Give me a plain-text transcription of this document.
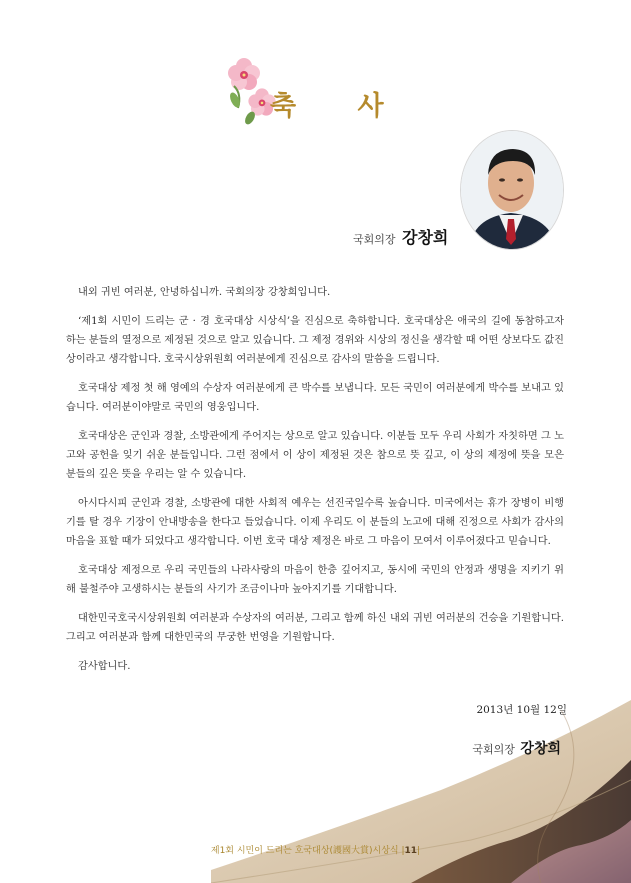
축 사
국회의장 강창희

내외 귀빈 여러분, 안녕하십니까. 국회의장 강창희입니다.

‘제1회 시민이 드리는 군 · 경 호국대상 시상식’을 진심으로 축하합니다. 호국대상은 애국의 길에 동참하고자 하는 분들의 열정으로 제정된 것으로 알고 있습니다. 그 제정 경위와 시상의 정신을 생각할 때 어떤 상보다도 값진 상이라고 생각합니다. 호국시상위원회 여러분에게 진심으로 감사의 말씀을 드립니다.

호국대상 제정 첫 해 영예의 수상자 여러분에게 큰 박수를 보냅니다. 모든 국민이 여러분에게 박수를 보내고 있습니다. 여러분이야말로 국민의 영웅입니다.

호국대상은 군인과 경찰, 소방관에게 주어지는 상으로 알고 있습니다. 이분들 모두 우리 사회가 자칫하면 그 노고와 공헌을 잊기 쉬운 분들입니다. 그런 점에서 이 상이 제정된 것은 참으로 뜻 깊고, 이 상의 제정에 뜻을 모은 분들의 깊은 뜻을 우리는 알 수 있습니다.

아시다시피 군인과 경찰, 소방관에 대한 사회적 예우는 선진국일수록 높습니다. 미국에서는 휴가 장병이 비행기를 탈 경우 기장이 안내방송을 한다고 들었습니다. 이제 우리도 이 분들의 노고에 대해 진정으로 사회가 감사의 마음을 표할 때가 되었다고 생각합니다. 이번 호국 대상 제정은 바로 그 마음이 모여서 이루어졌다고 믿습니다.

호국대상 제정으로 우리 국민들의 나라사랑의 마음이 한층 깊어지고, 동시에 국민의 안정과 생명을 지키기 위해 불철주야 고생하시는 분들의 사기가 조금이나마 높아지기를 기대합니다.

대한민국호국시상위원회 여러분과 수상자의 여러분, 그리고 함께 하신 내외 귀빈 여러분의 건승을 기원합니다. 그리고 여러분과 함께 대한민국의 무궁한 번영을 기원합니다.

감사합니다.

2013년 10월 12일
국회의장 강창희
제1회 시민이 드리는 호국대상(護國大賞)시상식 |11|
